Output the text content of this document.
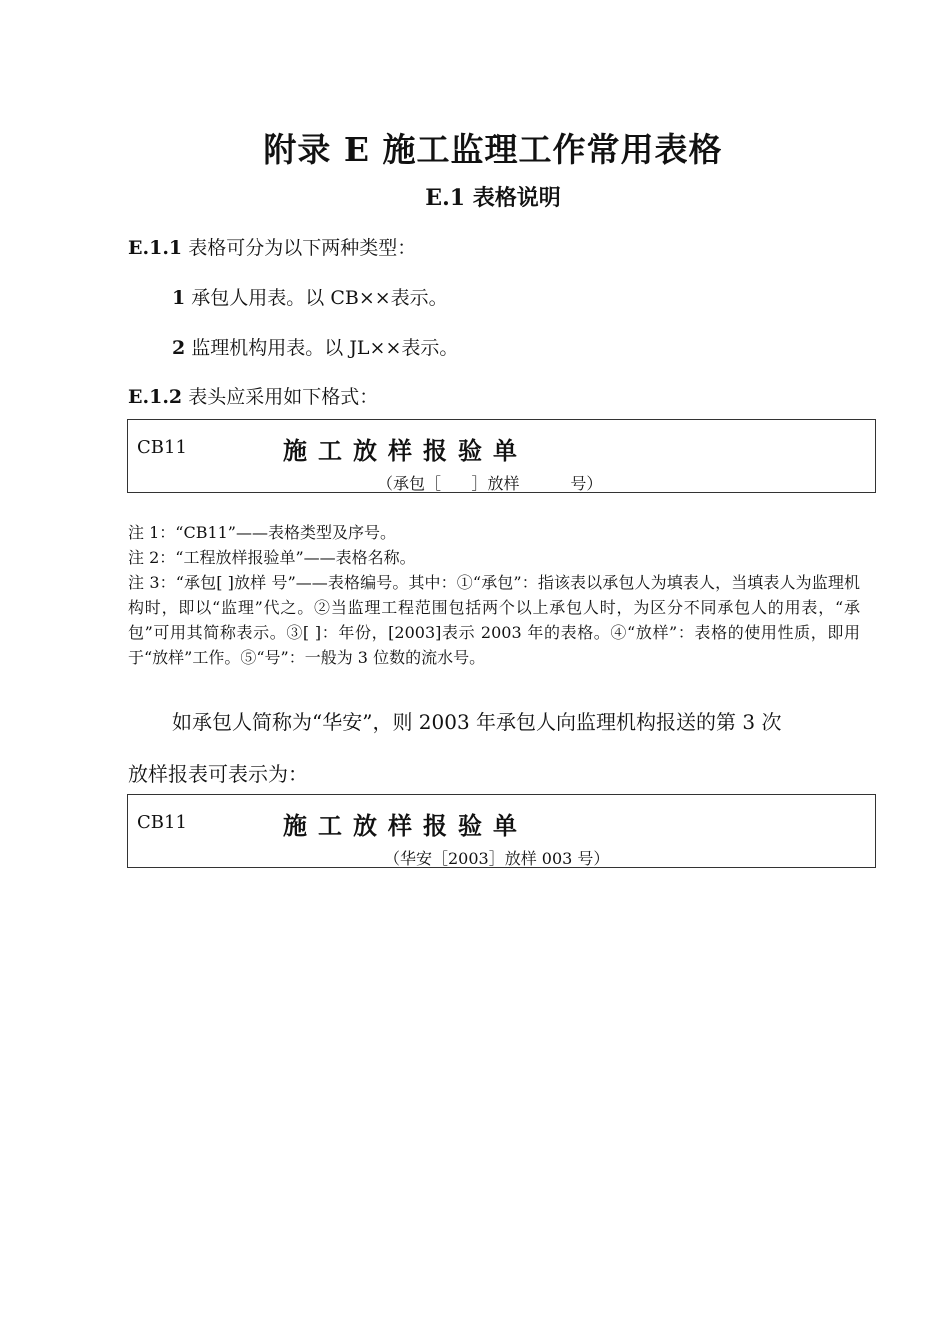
附录 E 施工监理工作常用表格
E.1 表格说明
E.1.1 表格可分为以下两种类型：
1 承包人用表。以 CB××表示。
2 监理机构用表。以 JL××表示。
E.1.2 表头应采用如下格式：
CB11	施工放样报验单
（承包［      ］放样          号）

注 1：“CB11”——表格类型及序号。

注 2：“工程放样报验单”——表格名称。

注 3：“承包[ ]放样 号”——表格编号。其中：①“承包”：指该表以承包人为填表人，当填表人为监理机构时，即以“监理”代之。②当监理工程范围包括两个以上承包人时，为区分不同承包人的用表，“承包”可用其简称表示。③[ ]：年份，[2003]表示 2003 年的表格。④“放样”：表格的使用性质，即用于“放样”工作。⑤“号”：一般为 3 位数的流水号。

如承包人简称为“华安”，则 2003 年承包人向监理机构报送的第 3 次
放样报表可表示为：
CB11	施工放样报验单
（华安［2003］放样 003 号）
